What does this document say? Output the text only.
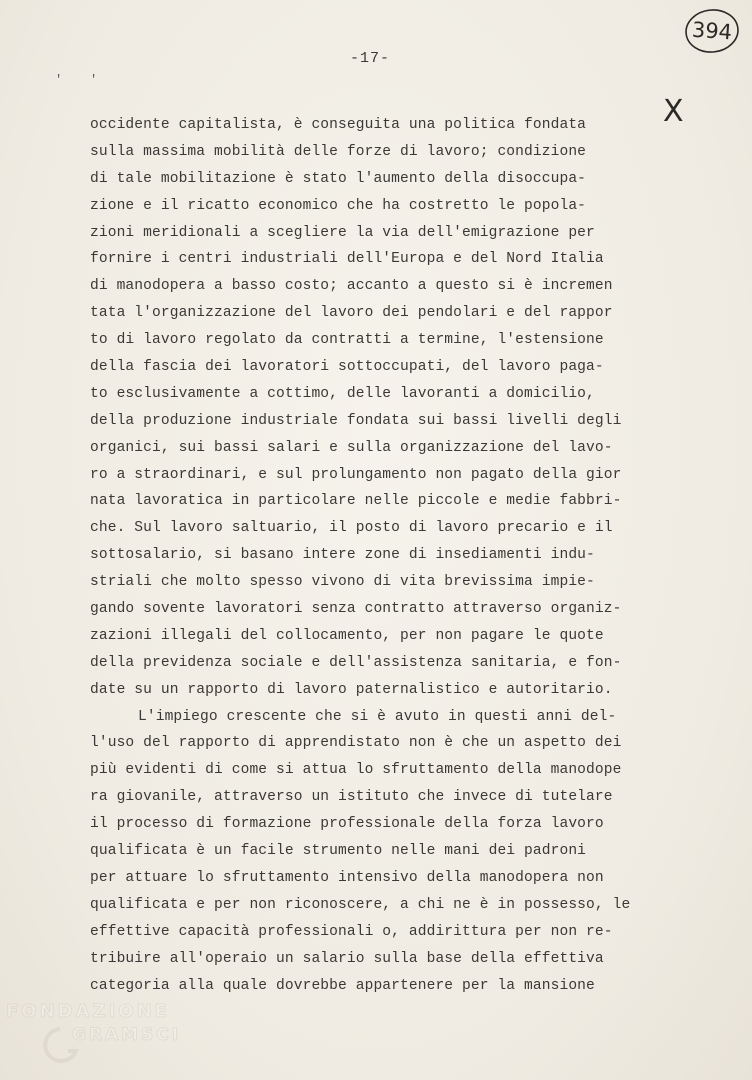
394
-17-
' '
X
occidente capitalista, è conseguita una politica fondata
sulla massima mobilità delle forze di lavoro; condizione
di tale mobilitazione è stato l'aumento della disoccupa-
zione e il ricatto economico che ha costretto le popola-
zioni meridionali a scegliere la via dell'emigrazione per
fornire i centri industriali dell'Europa e del Nord Italia
di manodopera a basso costo; accanto a questo si è incremen
tata l'organizzazione del lavoro dei pendolari e del rappor
to di lavoro regolato da contratti a termine, l'estensione
della fascia dei lavoratori sottoccupati, del lavoro paga-
to esclusivamente a cottimo, delle lavoranti a domicilio,
della produzione industriale fondata sui bassi livelli degli
organici, sui bassi salari e sulla organizzazione del lavo-
ro a straordinari, e sul prolungamento non pagato della gior
nata lavoratica in particolare nelle piccole e medie fabbri-
che. Sul lavoro saltuario, il posto di lavoro precario e il
sottosalario, si basano intere zone di insediamenti indu-
striali che molto spesso vivono di vita brevissima impie-
gando sovente lavoratori senza contratto attraverso organiz-
zazioni illegali del collocamento, per non pagare le quote
della previdenza sociale e dell'assistenza sanitaria, e fon-
date su un rapporto di lavoro paternalistico e autoritario.
L'impiego crescente che si è avuto in questi anni del-
l'uso del rapporto di apprendistato non è che un aspetto dei
più evidenti di come si attua lo sfruttamento della manodope
ra giovanile, attraverso un istituto che invece di tutelare
il processo di formazione professionale della forza lavoro
qualificata è un facile strumento nelle mani dei padroni
per attuare lo sfruttamento intensivo della manodopera non
qualificata e per non riconoscere, a chi ne è in possesso, le
effettive capacità professionali o, addirittura per non re-
tribuire all'operaio un salario sulla base della effettiva
categoria alla quale dovrebbe appartenere per la mansione
FONDAZIONE
GRAMSCI
